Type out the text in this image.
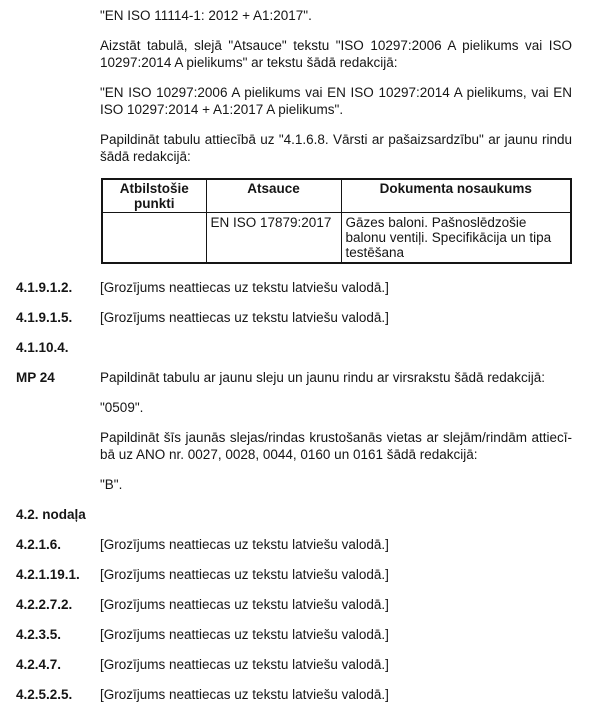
"EN ISO 11114-1: 2012 + A1:2017".
Aizstāt tabulā, slejā "Atsauce" tekstu "ISO 10297:2006 A pielikums vai ISO 10297:2014 A pielikums" ar tekstu šādā redakcijā:
"EN ISO 10297:2006 A pielikums vai EN ISO 10297:2014 A pielikums, vai EN ISO 10297:2014 + A1:2017 A pielikums".
Papildināt tabulu attiecībā uz "4.1.6.8. Vārsti ar pašaizsardzību" ar jaunu rindu šādā redakcijā:
Atbilstošie punkti	Atsauce	Dokumenta nosaukums
	EN ISO 17879:2017	Gāzes baloni. Pašnoslēdzošie balonu ventiļi. Specifikācija un tipa testēšana
4.1.9.1.2.	[Grozījums neattiecas uz tekstu latviešu valodā.]
4.1.9.1.5.	[Grozījums neattiecas uz tekstu latviešu valodā.]
4.1.10.4.
MP 24	Papildināt tabulu ar jaunu sleju un jaunu rindu ar virsrakstu šādā redakcijā:
"0509".
Papildināt šīs jaunās slejas/rindas krustošanās vietas ar slejām/rindām attiecībā uz ANO nr. 0027, 0028, 0044, 0160 un 0161 šādā redakcijā:
"B".
4.2. nodaļa
4.2.1.6.	[Grozījums neattiecas uz tekstu latviešu valodā.]
4.2.1.19.1.	[Grozījums neattiecas uz tekstu latviešu valodā.]
4.2.2.7.2.	[Grozījums neattiecas uz tekstu latviešu valodā.]
4.2.3.5.	[Grozījums neattiecas uz tekstu latviešu valodā.]
4.2.4.7.	[Grozījums neattiecas uz tekstu latviešu valodā.]
4.2.5.2.5.	[Grozījums neattiecas uz tekstu latviešu valodā.]
